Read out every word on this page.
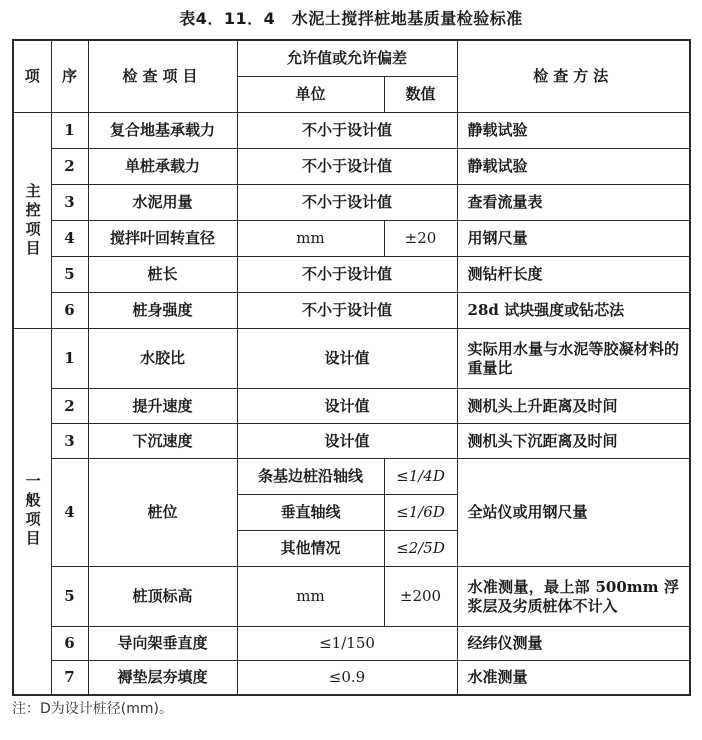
表4．11．4　水泥土搅拌桩地基质量检验标准
项	序	检查项目	允许值或允许偏差		检查方法
			单位	数值	
主控项目	1	复合地基承载力	不小于设计值		静载试验
	2	单桩承载力	不小于设计值		静载试验
	3	水泥用量	不小于设计值		查看流量表
	4	搅拌叶回转直径	mm	±20	用钢尺量
	5	桩长	不小于设计值		测钻杆长度
	6	桩身强度	不小于设计值		28d 试块强度或钻芯法
一般项目	1	水胶比	设计值		实际用水量与水泥等胶凝材料的重量比
	2	提升速度	设计值		测机头上升距离及时间
	3	下沉速度	设计值		测机头下沉距离及时间
	4	桩位	条基边桩沿轴线	≤1/4D	全站仪或用钢尺量
			垂直轴线	≤1/6D	
			其他情况	≤2/5D	
	5	桩顶标高	mm	±200	水准测量，最上部 500mm 浮浆层及劣质桩体不计入
	6	导向架垂直度	≤1/150		经纬仪测量
	7	褥垫层夯填度	≤0.9		水准测量
注：D为设计桩径(mm)。
